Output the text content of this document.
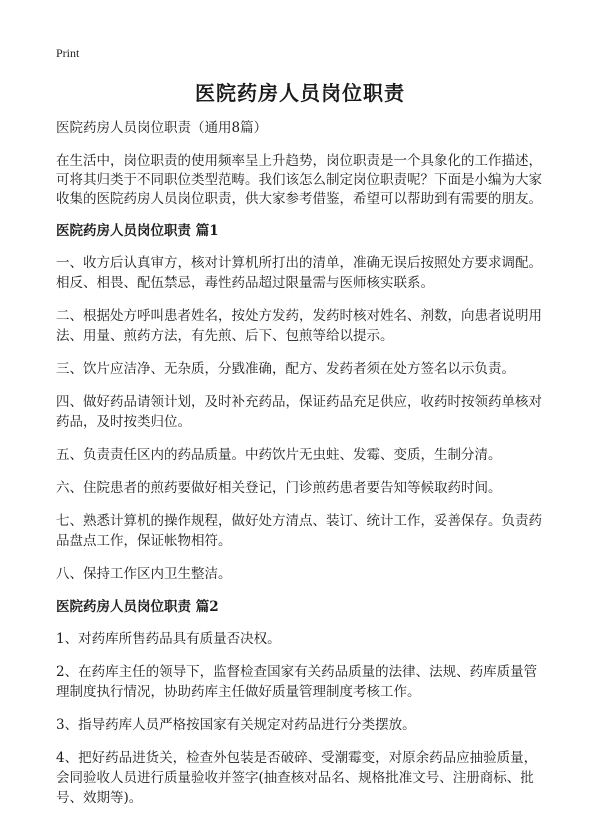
Print
医院药房人员岗位职责

医院药房人员岗位职责（通用8篇）

在生活中，岗位职责的使用频率呈上升趋势，岗位职责是一个具象化的工作描述，可将其归类于不同职位类型范畴。我们该怎么制定岗位职责呢？下面是小编为大家收集的医院药房人员岗位职责，供大家参考借鉴，希望可以帮助到有需要的朋友。

医院药房人员岗位职责 篇1

一、收方后认真审方，核对计算机所打出的清单，准确无误后按照处方要求调配。相反、相畏、配伍禁忌，毒性药品超过限量需与医师核实联系。

二、根据处方呼叫患者姓名，按处方发药，发药时核对姓名、剂数，向患者说明用法、用量、煎药方法，有先煎、后下、包煎等给以提示。

三、饮片应洁净、无杂质，分戥准确，配方、发药者须在处方签名以示负责。

四、做好药品请领计划，及时补充药品，保证药品充足供应，收药时按领药单核对药品，及时按类归位。

五、负责责任区内的药品质量。中药饮片无虫蛀、发霉、变质，生制分清。

六、住院患者的煎药要做好相关登记，门诊煎药患者要告知等候取药时间。

七、熟悉计算机的操作规程，做好处方清点、装订、统计工作，妥善保存。负责药品盘点工作，保证帐物相符。

八、保持工作区内卫生整洁。

医院药房人员岗位职责 篇2

1、对药库所售药品具有质量否决权。

2、在药库主任的领导下，监督检查国家有关药品质量的法律、法规、药库质量管理制度执行情况，协助药库主任做好质量管理制度考核工作。

3、指导药库人员严格按国家有关规定对药品进行分类摆放。

4、把好药品进货关，检查外包装是否破碎、受潮霉变，对原余药品应抽验质量，会同验收人员进行质量验收并签字(抽查核对品名、规格批准文号、注册商标、批号、效期等)。
